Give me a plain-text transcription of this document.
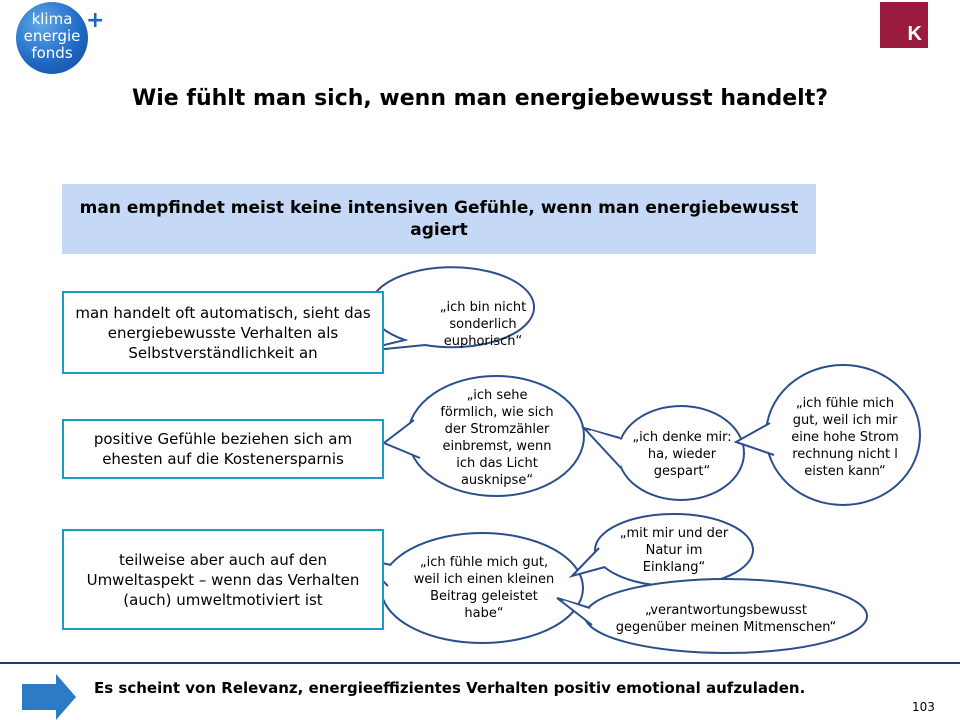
klima
energie
fonds
+
K
Wie fühlt man sich, wenn man energiebewusst handelt?
man empfindet meist keine intensiven Gefühle, wenn man energiebewusst agiert
„ich bin nicht sonderlich euphorisch“
„ich sehe förmlich, wie sich der Stromzähler einbremst, wenn ich das Licht ausknipse“
„ich denke mir: ha, wieder gespart“
„ich fühle mich gut, weil ich mir eine hohe Stromrechnung nicht leisten kann“
„ich fühle mich gut, weil ich einen kleinen Beitrag geleistet habe“
„mit mir und der Natur im Einklang“
„verantwortungsbewusst gegenüber meinen Mitmenschen“
man handelt oft automatisch, sieht das energiebewusste Verhalten als Selbstverständlichkeit an
positive Gefühle beziehen sich am ehesten auf die Kostenersparnis
teilweise aber auch auf den Umweltaspekt – wenn das Verhalten (auch) umweltmotiviert ist
Es scheint von Relevanz, energieeffizientes Verhalten positiv emotional aufzuladen.
103
